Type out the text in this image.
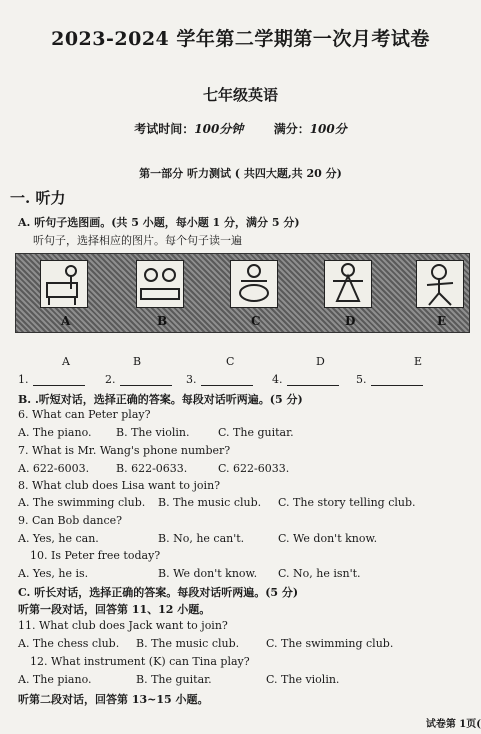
2023-2024 学年第二学期第一次月考试卷
七年级英语
考试时间：100分钟	满分：100分
第一部分 听力测试 ( 共四大题,共 20 分)
一. 听力
A. 听句子选图画。(共 5 小题，每小题 1 分，满分 5 分)
听句子，选择相应的图片。每个句子读一遍
A	B	C	D	E
A	B	C	D	E
1.	2.	3.	4.	5.
B. .听短对话，选择正确的答案。每段对话听两遍。(5 分)
6. What can Peter play?
A. The piano. B. The violin.	C. The guitar.
7. What is Mr. Wang's phone number?
A. 622-6003. B. 622-0633.	C. 622-6033.
8. What club does Lisa want to join?
A. The swimming club. B. The music club. C. The story telling club.
9. Can Bob dance?
A. Yes, he can.	B. No, he can't.	C. We don't know.
10. Is Peter free today?
A. Yes, he is.	B. We don't know. C. No, he isn't.
C. 听长对话，选择正确的答案。每段对话听两遍。(5 分)
听第一段对话，回答第 11、12 小题。
11. What club does Jack want to join?
A. The chess club. B. The music club. C. The swimming club.
12. What instrument (K) can Tina play?
A. The piano.	B. The guitar.	C. The violin.
听第二段对话，回答第 13~15 小题。
试卷第 1页(
